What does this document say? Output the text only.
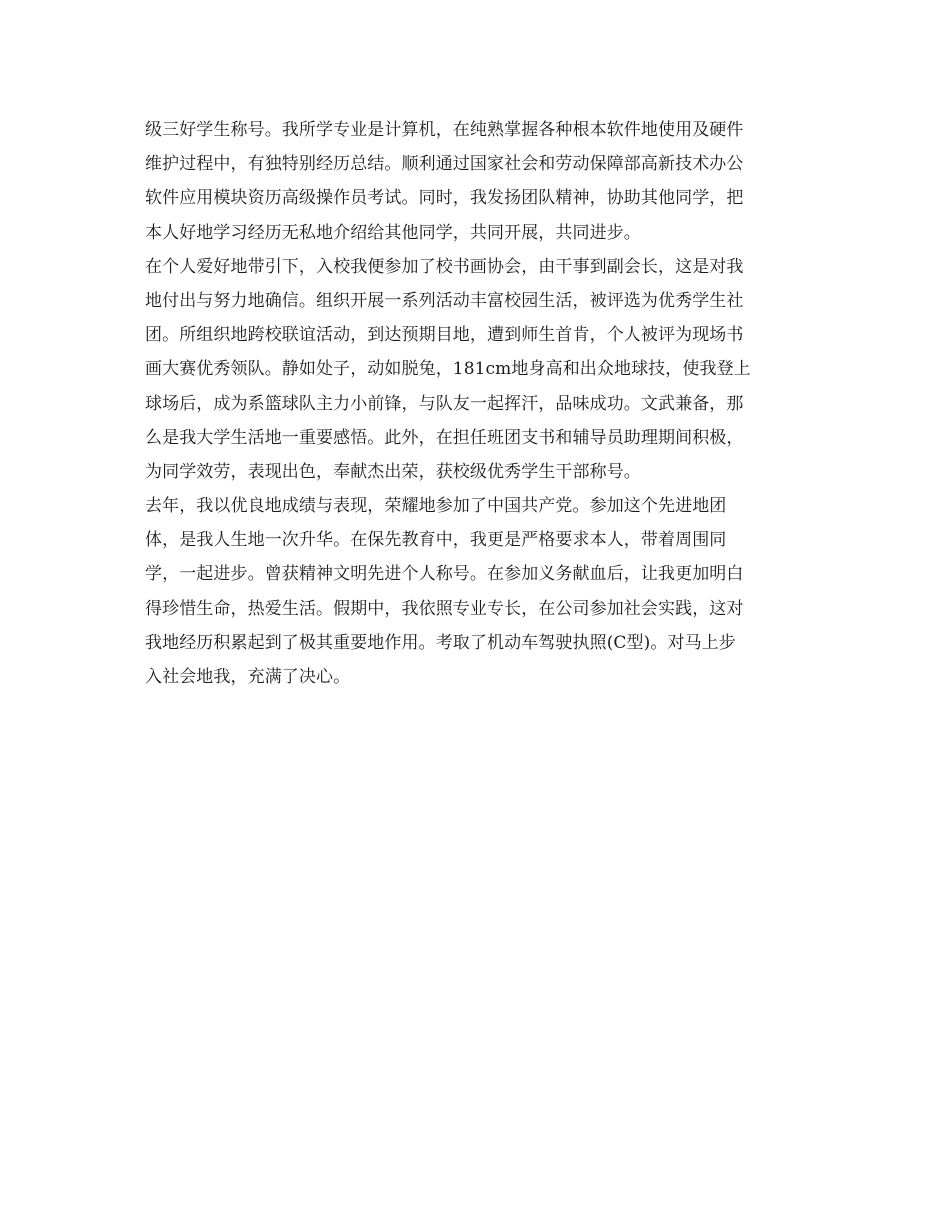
级三好学生称号。我所学专业是计算机，在纯熟掌握各种根本软件地使用及硬件
维护过程中，有独特别经历总结。顺利通过国家社会和劳动保障部高新技术办公
软件应用模块资历高级操作员考试。同时，我发扬团队精神，协助其他同学，把
本人好地学习经历无私地介绍给其他同学，共同开展，共同进步。
在个人爱好地带引下，入校我便参加了校书画协会，由干事到副会长，这是对我
地付出与努力地确信。组织开展一系列活动丰富校园生活，被评选为优秀学生社
团。所组织地跨校联谊活动，到达预期目地，遭到师生首肯，个人被评为现场书
画大赛优秀领队。静如处子，动如脱兔，181cm地身高和出众地球技，使我登上
球场后，成为系篮球队主力小前锋，与队友一起挥汗，品味成功。文武兼备，那
么是我大学生活地一重要感悟。此外，在担任班团支书和辅导员助理期间积极，
为同学效劳，表现出色，奉献杰出荣，获校级优秀学生干部称号。
去年，我以优良地成绩与表现，荣耀地参加了中国共产党。参加这个先进地团
体，是我人生地一次升华。在保先教育中，我更是严格要求本人，带着周围同
学，一起进步。曾获精神文明先进个人称号。在参加义务献血后，让我更加明白
得珍惜生命，热爱生活。假期中，我依照专业专长，在公司参加社会实践，这对
我地经历积累起到了极其重要地作用。考取了机动车驾驶执照(C型)。对马上步
入社会地我，充满了决心。
